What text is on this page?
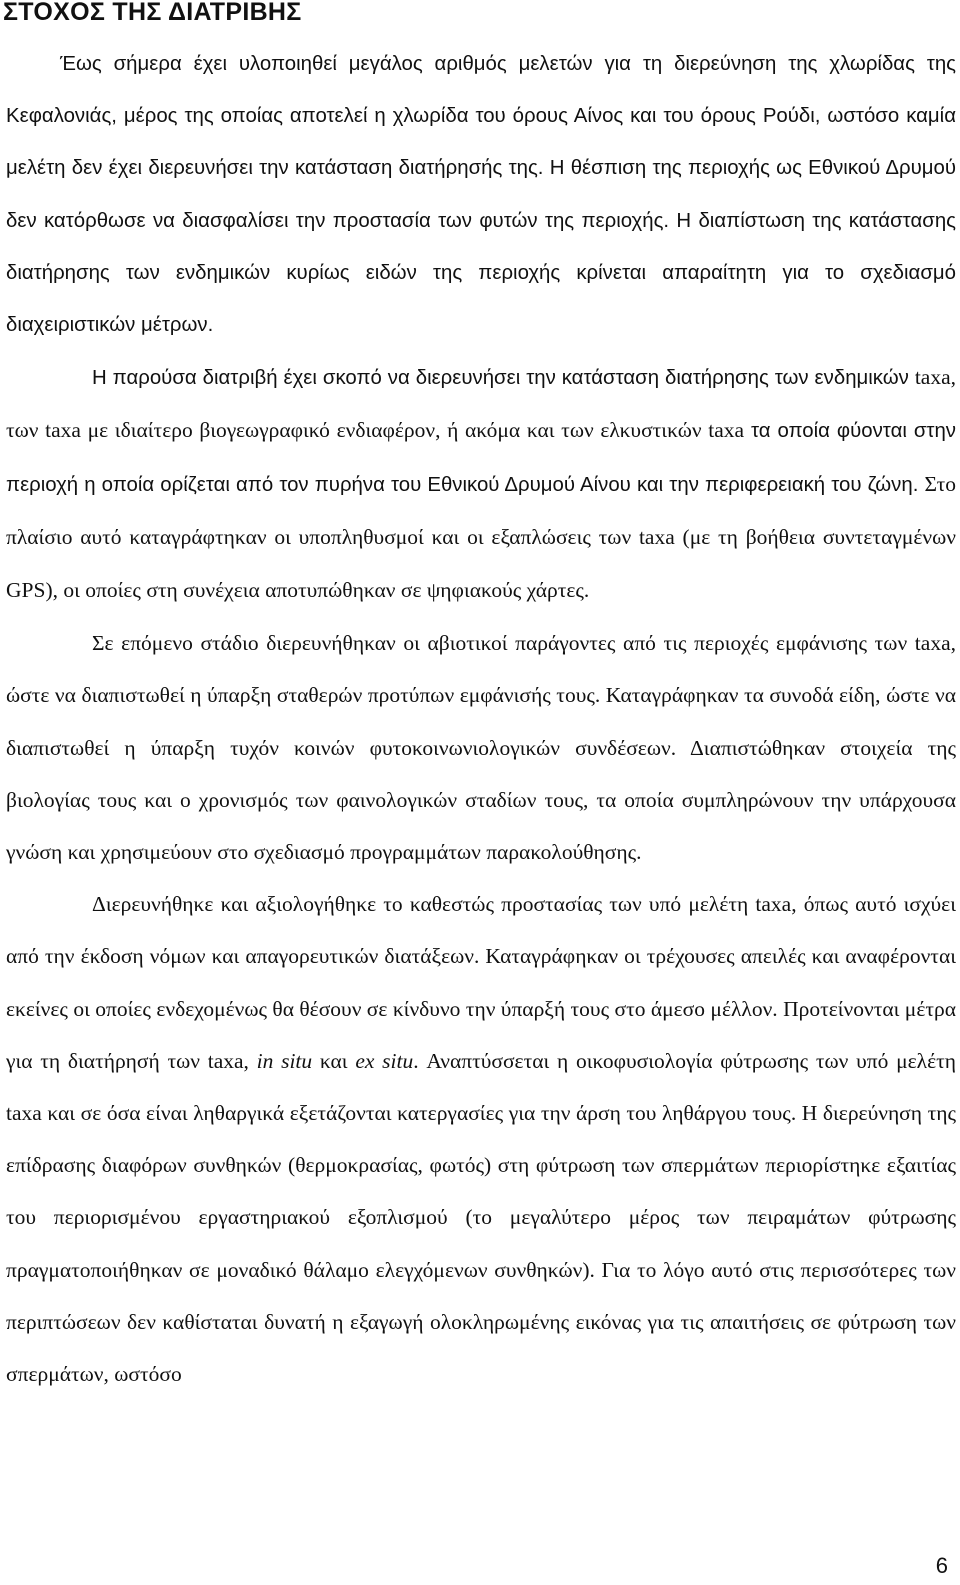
ΣΤΟΧΟΣ ΤΗΣ ΔΙΑΤΡΙΒΗΣ

Έως σήμερα έχει υλοποιηθεί μεγάλος αριθμός μελετών για τη διερεύνηση της χλωρίδας της Κεφαλονιάς, μέρος της οποίας αποτελεί η χλωρίδα του όρους Αίνος και του όρους Ρούδι, ωστόσο καμία μελέτη δεν έχει διερευνήσει την κατάσταση διατήρησής της. Η θέσπιση της περιοχής ως Εθνικού Δρυμού δεν κατόρθωσε να διασφαλίσει την προστασία των φυτών της περιοχής. Η διαπίστωση της κατάστασης διατήρησης των ενδημικών κυρίως ειδών της περιοχής κρίνεται απαραίτητη για το σχεδιασμό διαχειριστικών μέτρων.

Η παρούσα διατριβή έχει σκοπό να διερευνήσει την κατάσταση διατήρησης των ενδημικών taxa, των taxa με ιδιαίτερο βιογεωγραφικό ενδιαφέρον, ή ακόμα και των ελκυστικών taxa τα οποία φύονται στην περιοχή η οποία ορίζεται από τον πυρήνα του Εθνικού Δρυμού Αίνου και την περιφερειακή του ζώνη. Στο πλαίσιο αυτό καταγράφτηκαν οι υποπληθυσμοί και οι εξαπλώσεις των taxa (με τη βοήθεια συντεταγμένων GPS), οι οποίες στη συνέχεια αποτυπώθηκαν σε ψηφιακούς χάρτες.

Σε επόμενο στάδιο διερευνήθηκαν οι αβιοτικοί παράγοντες από τις περιοχές εμφάνισης των taxa, ώστε να διαπιστωθεί η ύπαρξη σταθερών προτύπων εμφάνισής τους. Καταγράφηκαν τα συνοδά είδη, ώστε να διαπιστωθεί η ύπαρξη τυχόν κοινών φυτοκοινωνιολογικών συνδέσεων. Διαπιστώθηκαν στοιχεία της βιολογίας τους και ο χρονισμός των φαινολογικών σταδίων τους, τα οποία συμπληρώνουν την υπάρχουσα γνώση και χρησιμεύουν στο σχεδιασμό προγραμμάτων παρακολούθησης.

Διερευνήθηκε και αξιολογήθηκε το καθεστώς προστασίας των υπό μελέτη taxa, όπως αυτό ισχύει από την έκδοση νόμων και απαγορευτικών διατάξεων. Καταγράφηκαν οι τρέχουσες απειλές και αναφέρονται εκείνες οι οποίες ενδεχομένως θα θέσουν σε κίνδυνο την ύπαρξή τους στο άμεσο μέλλον. Προτείνονται μέτρα για τη διατήρησή των taxa, in situ και ex situ. Αναπτύσσεται η οικοφυσιολογία φύτρωσης των υπό μελέτη taxa και σε όσα είναι ληθαργικά εξετάζονται κατεργασίες για την άρση του ληθάργου τους. Η διερεύνηση της επίδρασης διαφόρων συνθηκών (θερμοκρασίας, φωτός) στη φύτρωση των σπερμάτων περιορίστηκε εξαιτίας του περιορισμένου εργαστηριακού εξοπλισμού (το μεγαλύτερο μέρος των πειραμάτων φύτρωσης πραγματοποιήθηκαν σε μοναδικό θάλαμο ελεγχόμενων συνθηκών). Για το λόγο αυτό στις περισσότερες των περιπτώσεων δεν καθίσταται δυνατή η εξαγωγή ολοκληρωμένης εικόνας για τις απαιτήσεις σε φύτρωση των σπερμάτων, ωστόσο

6
